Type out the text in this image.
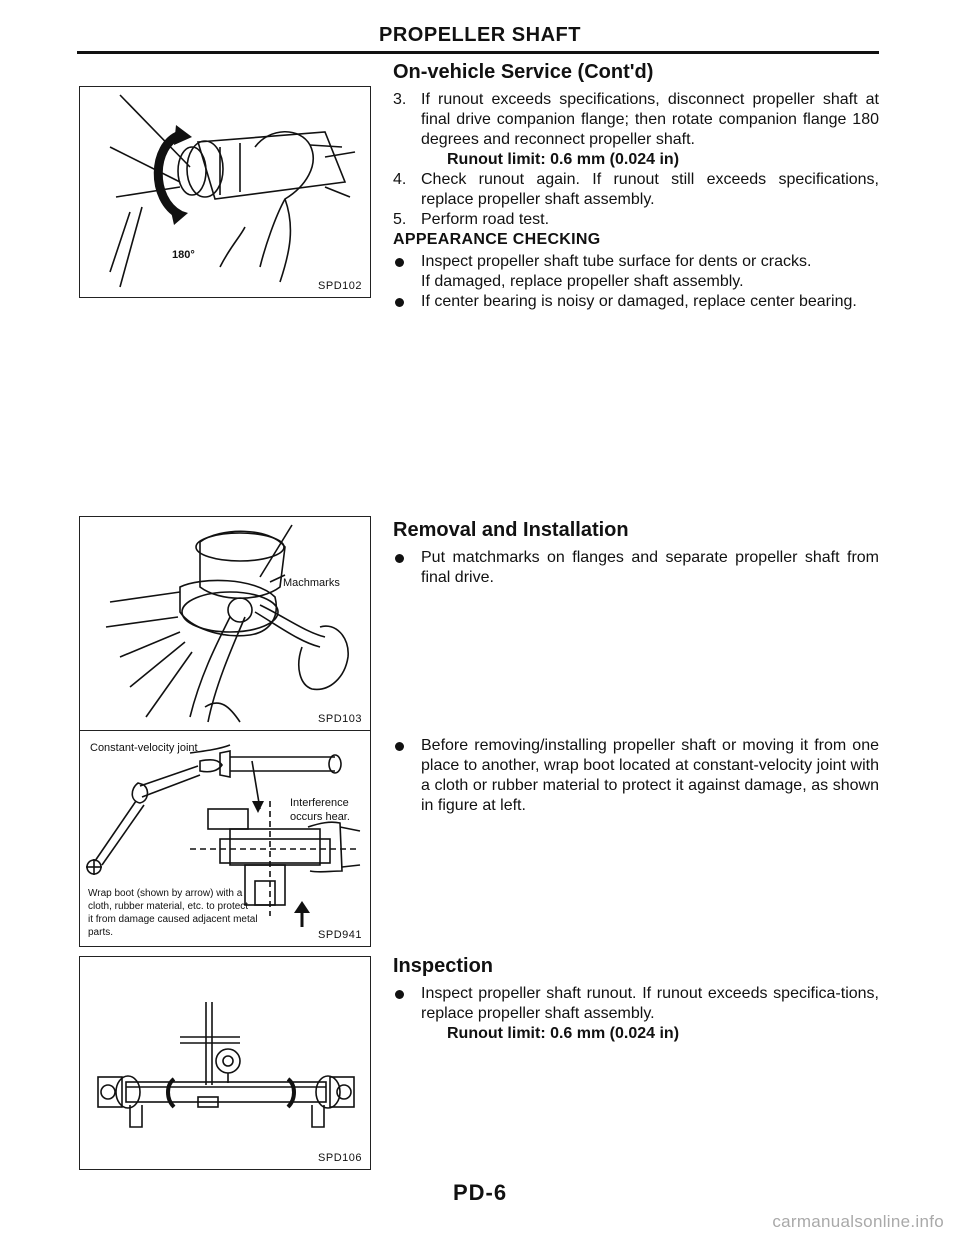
PROPELLER SHAFT
180°
SPD102
Machmarks
SPD103
Constant-velocity joint
Interference
occurs hear.
Wrap boot (shown by arrow) with a
cloth, rubber material, etc. to protect
it from damage caused adjacent metal
parts.	SPD941
SPD106
On-vehicle Service (Cont'd)
3. If runout exceeds specifications, disconnect propeller shaft at final drive companion flange; then rotate companion flange 180 degrees and reconnect propeller shaft.
Runout limit: 0.6 mm (0.024 in)
4. Check runout again. If runout still exceeds specifications, replace propeller shaft assembly.
5. Perform road test.
APPEARANCE CHECKING
Inspect propeller shaft tube surface for dents or cracks.
If damaged, replace propeller shaft assembly.
If center bearing is noisy or damaged, replace center bearing.
Removal and Installation
Put matchmarks on flanges and separate propeller shaft from final drive.
Before removing/installing propeller shaft or moving it from one place to another, wrap boot located at constant-velocity joint with a cloth or rubber material to protect it against damage, as shown in figure at left.
Inspection
Inspect propeller shaft runout. If runout exceeds specifica-tions, replace propeller shaft assembly.
Runout limit: 0.6 mm (0.024 in)
PD-6
carmanualsonline.info
